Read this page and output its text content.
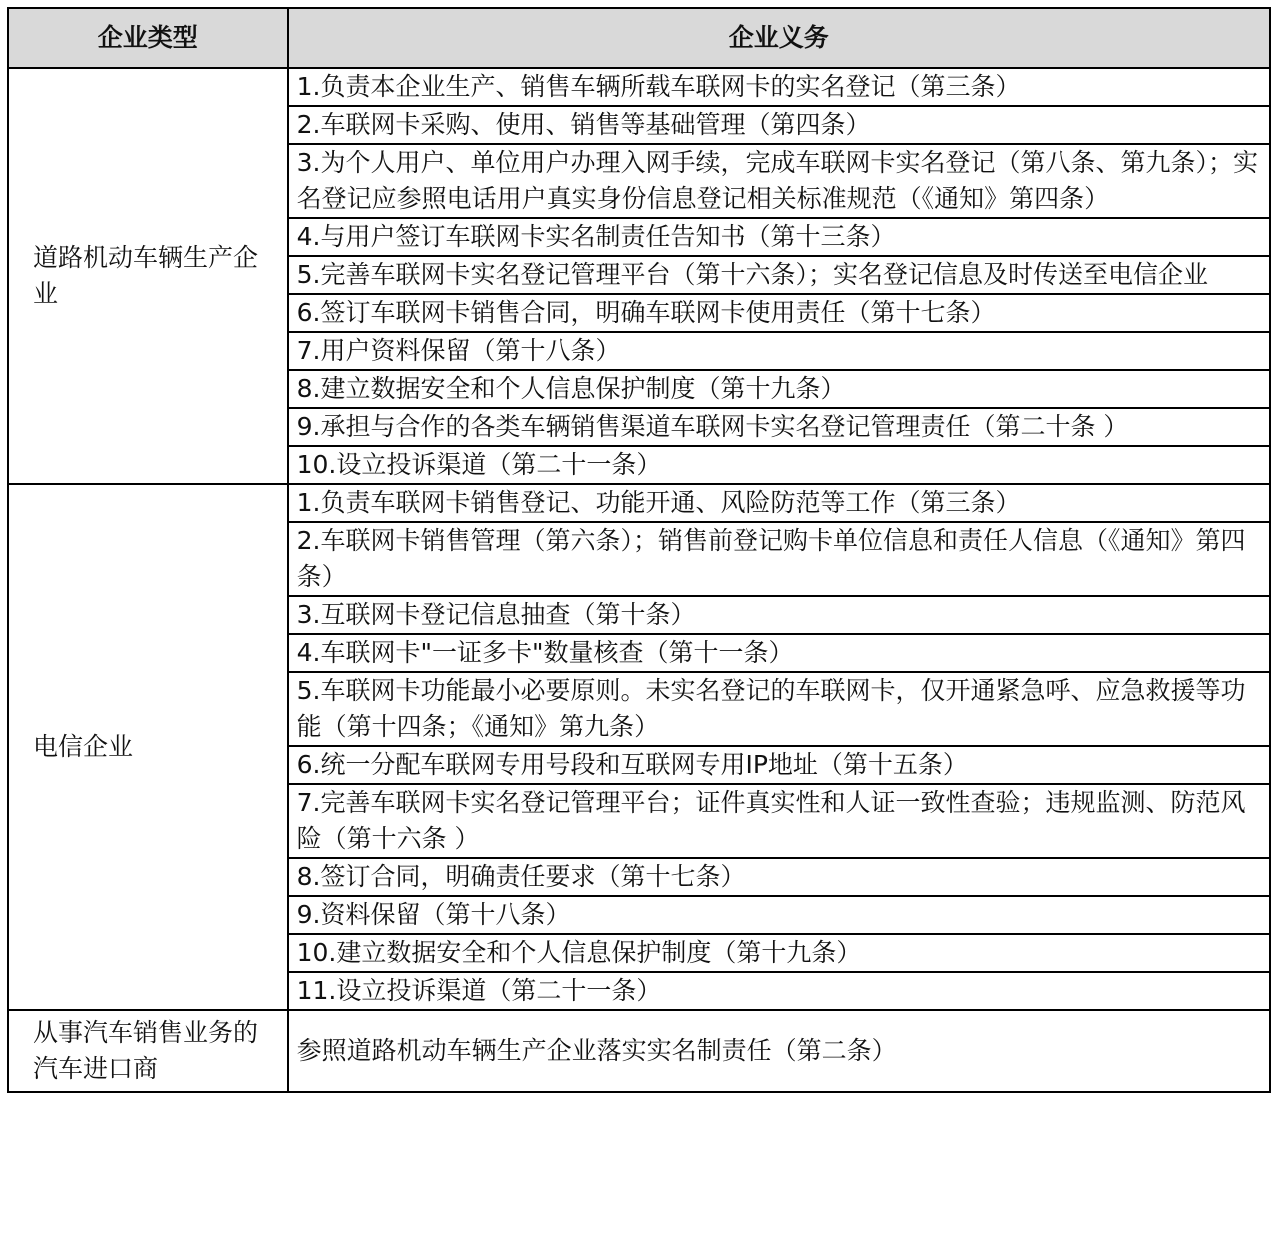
企业类型	企业义务
道路机动车辆生产企业	1.负责本企业生产、销售车辆所载车联网卡的实名登记（第三条）
	2.车联网卡采购、使用、销售等基础管理（第四条）
	3.为个人用户、单位用户办理入网手续，完成车联网卡实名登记（第八条、第九条）；实名登记应参照电话用户真实身份信息登记相关标准规范（《通知》第四条）
	4.与用户签订车联网卡实名制责任告知书（第十三条）
	5.完善车联网卡实名登记管理平台（第十六条）；实名登记信息及时传送至电信企业
	6.签订车联网卡销售合同，明确车联网卡使用责任（第十七条）
	7.用户资料保留（第十八条）
	8.建立数据安全和个人信息保护制度（第十九条）
	9.承担与合作的各类车辆销售渠道车联网卡实名登记管理责任（第二十条 ）
	10.设立投诉渠道（第二十一条）
电信企业	1.负责车联网卡销售登记、功能开通、风险防范等工作（第三条）
	2.车联网卡销售管理（第六条）；销售前登记购卡单位信息和责任人信息（《通知》第四条）
	3.互联网卡登记信息抽查（第十条）
	4.车联网卡"一证多卡"数量核查（第十一条）
	5.车联网卡功能最小必要原则。未实名登记的车联网卡，仅开通紧急呼、应急救援等功能（第十四条；《通知》第九条）
	6.统一分配车联网专用号段和互联网专用IP地址（第十五条）
	7.完善车联网卡实名登记管理平台；证件真实性和人证一致性查验；违规监测、防范风险（第十六条 ）
	8.签订合同，明确责任要求（第十七条）
	9.资料保留（第十八条）
	10.建立数据安全和个人信息保护制度（第十九条）
	11.设立投诉渠道（第二十一条）
从事汽车销售业务的汽车进口商	参照道路机动车辆生产企业落实实名制责任（第二条）
